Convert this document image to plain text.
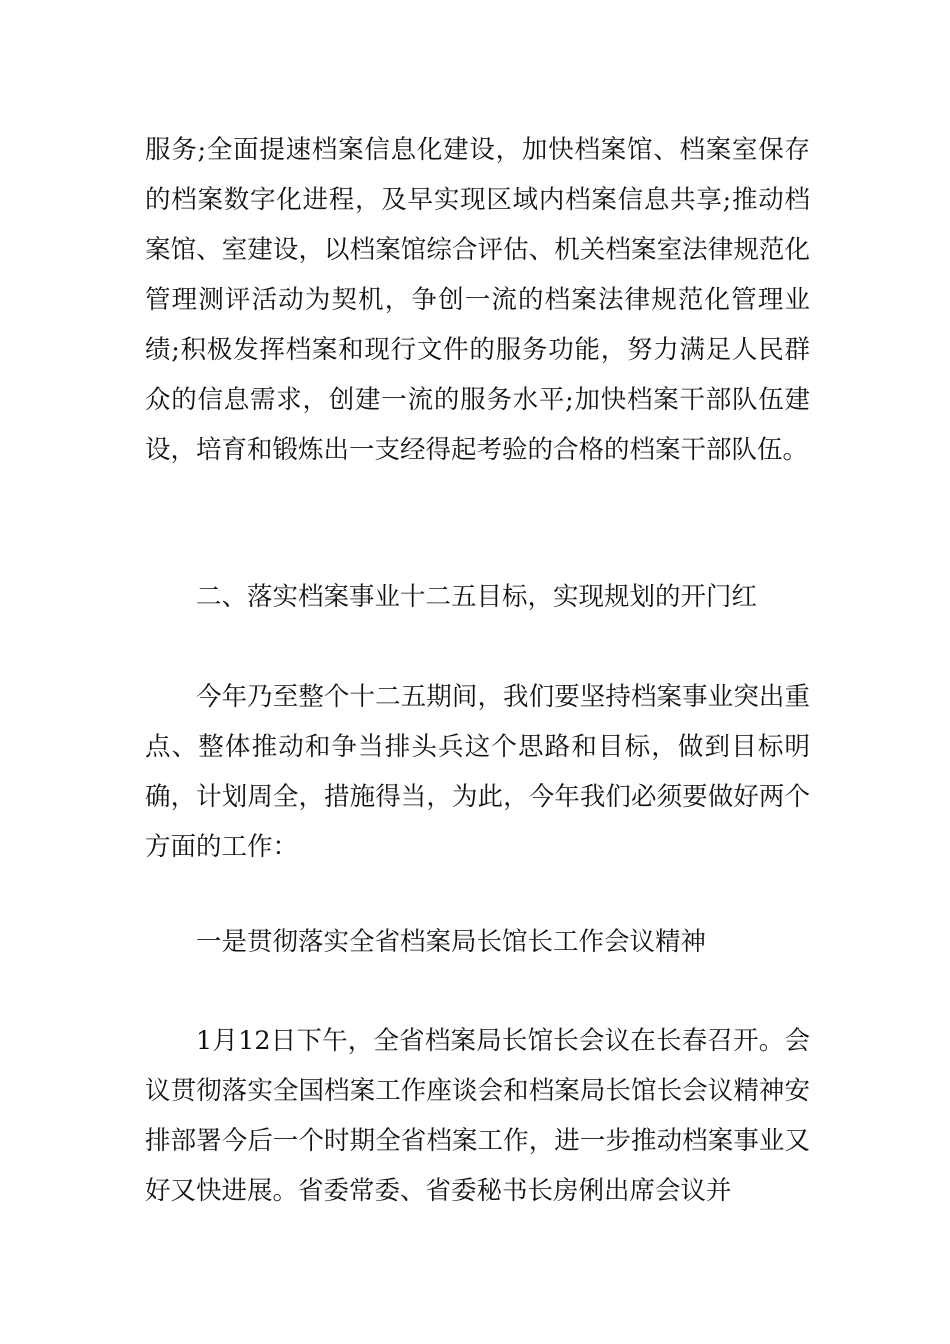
服务;全面提速档案信息化建设，加快档案馆、档案室保存的档案数字化进程，及早实现区域内档案信息共享;推动档案馆、室建设，以档案馆综合评估、机关档案室法律规范化管理测评活动为契机，争创一流的档案法律规范化管理业绩;积极发挥档案和现行文件的服务功能，努力满足人民群众的信息需求，创建一流的服务水平;加快档案干部队伍建设，培育和锻炼出一支经得起考验的合格的档案干部队伍。

二、落实档案事业十二五目标，实现规划的开门红

今年乃至整个十二五期间，我们要坚持档案事业突出重点、整体推动和争当排头兵这个思路和目标，做到目标明确，计划周全，措施得当，为此，今年我们必须要做好两个方面的工作：

一是贯彻落实全省档案局长馆长工作会议精神

1月12日下午，全省档案局长馆长会议在长春召开。会议贯彻落实全国档案工作座谈会和档案局长馆长会议精神安排部署今后一个时期全省档案工作，进一步推动档案事业又好又快进展。省委常委、省委秘书长房俐出席会议并
